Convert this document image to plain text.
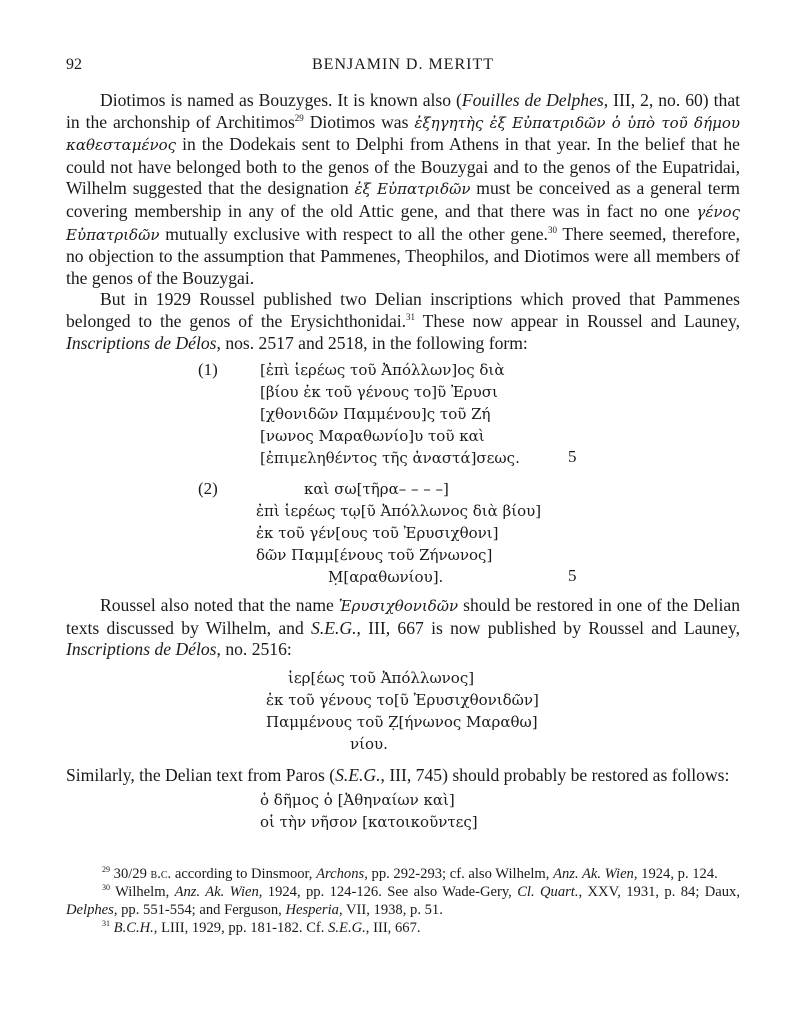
92	BENJAMIN D. MERITT

Diotimos is named as Bouzyges. It is known also (Fouilles de Delphes, III, 2, no. 60) that in the archonship of Architimos$^{29}$ Diotimos was ἐξηγητὴς ἐξ Εὐπατριδῶν ὁ ὑπὸ τοῦ δήμου καθεσταμένος in the Dodekais sent to Delphi from Athens in that year. In the belief that he could not have belonged both to the genos of the Bouzygai and to the genos of the Eupatridai, Wilhelm suggested that the designation ἐξ Εὐπατριδῶν must be conceived as a general term covering membership in any of the old Attic gene, and that there was in fact no one γένος Εὐπατριδῶν mutually exclusive with respect to all the other gene.$^{30}$ There seemed, therefore, no objection to the assumption that Pammenes, Theophilos, and Diotimos were all members of the genos of the Bouzygai.

But in 1929 Roussel published two Delian inscriptions which proved that Pammenes belonged to the genos of the Erysichthonidai.$^{31}$ These now appear in Roussel and Launey, Inscriptions de Délos, nos. 2517 and 2518, in the following form:

(1)	[ἐπὶ ἱερέως τοῦ Ἀπόλλων]ος διὰ
[βίου ἐκ τοῦ γένους το]ῦ Ἐρυσι
[χθονιδῶν Παμμένου]ς τοῦ Ζή
[νωνος Μαραθωνίο]υ τοῦ καὶ
[ἐπιμεληθέντος τῆς ἀναστά]σεως.	5
(2)	καὶ σω[τῆρα– – – –]
ἐπὶ ἱερέως τῳ[ῦ Ἀπόλλωνος διὰ βίου]
ἐκ τοῦ γέν[ους τοῦ Ἐρυσιχθονι]
δῶν Παμμ[ένους τοῦ Ζήνωνος]
Ṃ[αραθωνίου].	5

Roussel also noted that the name Ἐρυσιχθονιδῶν should be restored in one of the Delian texts discussed by Wilhelm, and S.E.G., III, 667 is now published by Roussel and Launey, Inscriptions de Délos, no. 2516:

ἱερ[έως τοῦ Ἀπόλλωνος]
ἐκ τοῦ γένους το[ῦ Ἐρυσιχθονιδῶν]
Παμμένους τοῦ Ẓ[ήνωνος Μαραθω]
νίου.

Similarly, the Delian text from Paros (S.E.G., III, 745) should probably be restored as follows:

ὁ δῆμος ὁ [Ἀθηναίων καὶ]
οἱ τὴν νῆσον [κατοικοῦντες]

$^{29}$ 30/29 b.c. according to Dinsmoor, Archons, pp. 292-293; cf. also Wilhelm, Anz. Ak. Wien, 1924, p. 124.

$^{30}$ Wilhelm, Anz. Ak. Wien, 1924, pp. 124-126. See also Wade-Gery, Cl. Quart., XXV, 1931, p. 84; Daux, Delphes, pp. 551-554; and Ferguson, Hesperia, VII, 1938, p. 51.

$^{31}$ B.C.H., LIII, 1929, pp. 181-182. Cf. S.E.G., III, 667.
